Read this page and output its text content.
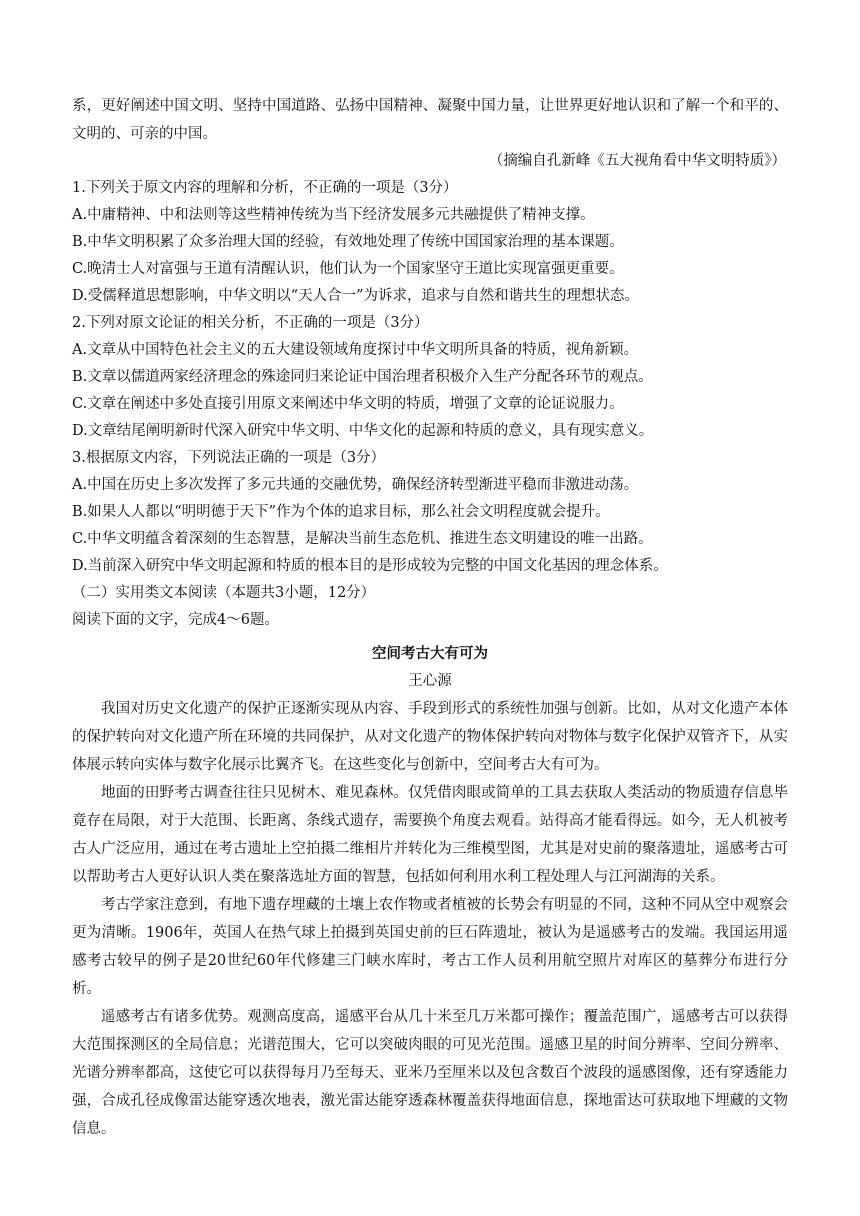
系，更好阐述中国文明、坚持中国道路、弘扬中国精神、凝聚中国力量，让世界更好地认识和了解一个和平的、文明的、可亲的中国。

（摘编自孔新峰《五大视角看中华文明特质》）

1.下列关于原文内容的理解和分析，不正确的一项是（3分）

A.中庸精神、中和法则等这些精神传统为当下经济发展多元共融提供了精神支撑。

B.中华文明积累了众多治理大国的经验，有效地处理了传统中国国家治理的基本课题。

C.晚清士人对富强与王道有清醒认识，他们认为一个国家坚守王道比实现富强更重要。

D.受儒释道思想影响，中华文明以“天人合一”为诉求，追求与自然和谐共生的理想状态。

2.下列对原文论证的相关分析，不正确的一项是（3分）

A.文章从中国特色社会主义的五大建设领域角度探讨中华文明所具备的特质，视角新颖。

B.文章以儒道两家经济理念的殊途同归来论证中国治理者积极介入生产分配各环节的观点。

C.文章在阐述中多处直接引用原文来阐述中华文明的特质，增强了文章的论证说服力。

D.文章结尾阐明新时代深入研究中华文明、中华文化的起源和特质的意义，具有现实意义。

3.根据原文内容，下列说法正确的一项是（3分）

A.中国在历史上多次发挥了多元共通的交融优势，确保经济转型渐进平稳而非激进动荡。

B.如果人人都以“明明德于天下”作为个体的追求目标，那么社会文明程度就会提升。

C.中华文明蕴含着深刻的生态智慧，是解决当前生态危机、推进生态文明建设的唯一出路。

D.当前深入研究中华文明起源和特质的根本目的是形成较为完整的中国文化基因的理念体系。

（二）实用类文本阅读（本题共3小题，12分）

阅读下面的文字，完成4～6题。

空间考古大有可为

王心源

我国对历史文化遗产的保护正逐渐实现从内容、手段到形式的系统性加强与创新。比如，从对文化遗产本体的保护转向对文化遗产所在环境的共同保护，从对文化遗产的物体保护转向对物体与数字化保护双管齐下，从实体展示转向实体与数字化展示比翼齐飞。在这些变化与创新中，空间考古大有可为。

地面的田野考古调查往往只见树木、难见森林。仅凭借肉眼或简单的工具去获取人类活动的物质遗存信息毕竟存在局限，对于大范围、长距离、条线式遗存，需要换个角度去观看。站得高才能看得远。如今，无人机被考古人广泛应用，通过在考古遗址上空拍摄二维相片并转化为三维模型图，尤其是对史前的聚落遗址，遥感考古可以帮助考古人更好认识人类在聚落选址方面的智慧，包括如何利用水利工程处理人与江河湖海的关系。

考古学家注意到，有地下遗存埋藏的土壤上农作物或者植被的长势会有明显的不同，这种不同从空中观察会更为清晰。1906年，英国人在热气球上拍摄到英国史前的巨石阵遗址，被认为是遥感考古的发端。我国运用遥感考古较早的例子是20世纪60年代修建三门峡水库时，考古工作人员利用航空照片对库区的墓葬分布进行分析。

遥感考古有诸多优势。观测高度高，遥感平台从几十米至几万米都可操作；覆盖范围广，遥感考古可以获得大范围探测区的全局信息；光谱范围大，它可以突破肉眼的可见光范围。遥感卫星的时间分辨率、空间分辨率、光谱分辨率都高，这使它可以获得每月乃至每天、亚米乃至厘米以及包含数百个波段的遥感图像，还有穿透能力强，合成孔径成像雷达能穿透次地表，激光雷达能穿透森林覆盖获得地面信息，探地雷达可获取地下埋藏的文物信息。
